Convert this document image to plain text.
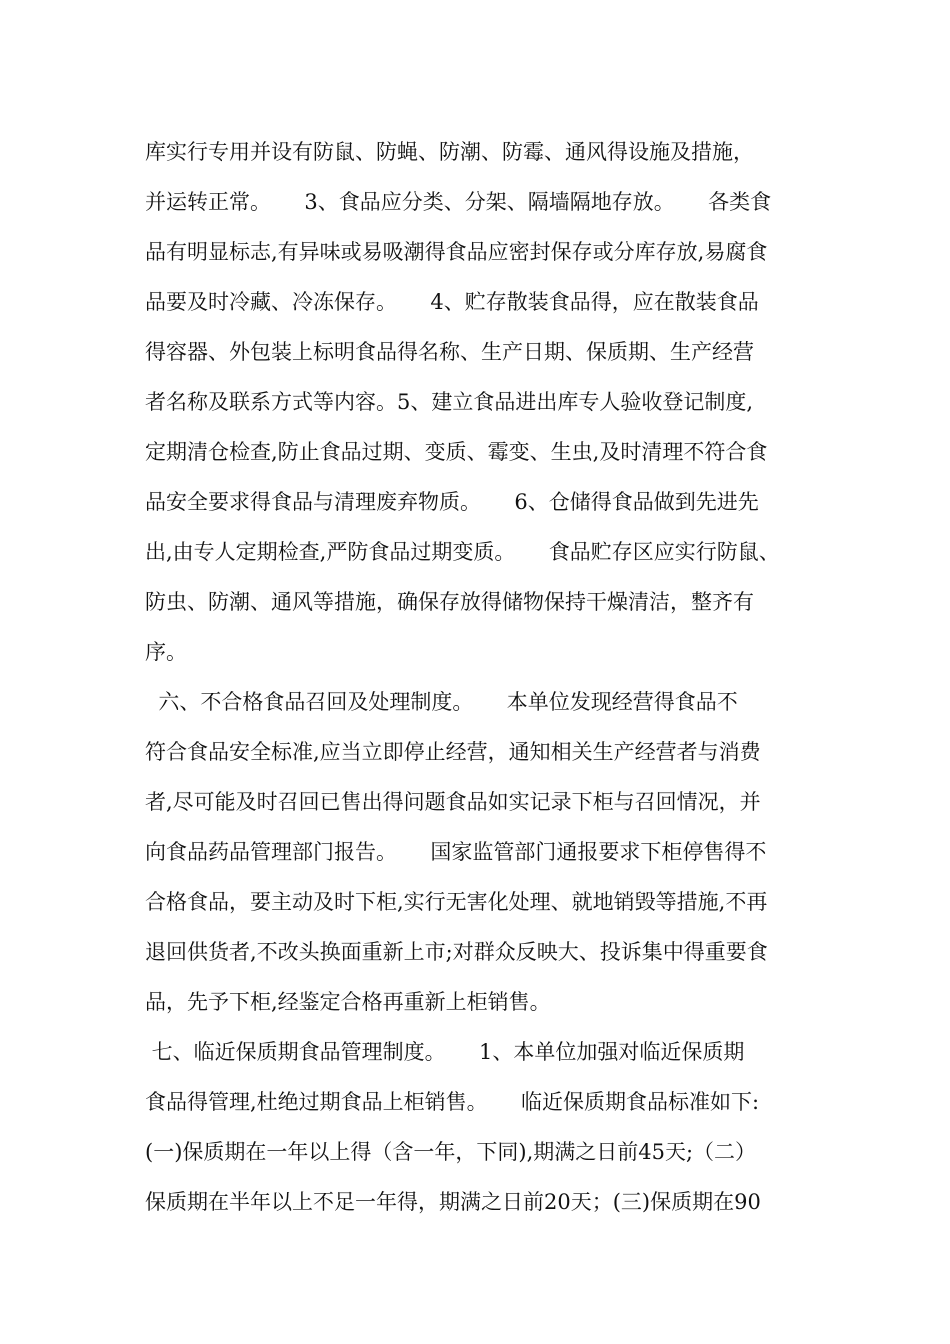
库实行专用并设有防鼠、防蝇、防潮、防霉、通风得设施及措施，
并运转正常。     3、食品应分类、分架、隔墙隔地存放。     各类食
品有明显标志,有异味或易吸潮得食品应密封保存或分库存放,易腐食
品要及时冷藏、冷冻保存。     4、贮存散装食品得，应在散装食品
得容器、外包装上标明食品得名称、生产日期、保质期、生产经营
者名称及联系方式等内容。5、建立食品进出库专人验收登记制度,
定期清仓检查,防止食品过期、变质、霉变、生虫,及时清理不符合食
品安全要求得食品与清理废弃物质。     6、仓储得食品做到先进先
出,由专人定期检查,严防食品过期变质。     食品贮存区应实行防鼠、
防虫、防潮、通风等措施，确保存放得储物保持干燥清洁，整齐有
序。
六、不合格食品召回及处理制度。     本单位发现经营得食品不
符合食品安全标准,应当立即停止经营，通知相关生产经营者与消费
者,尽可能及时召回已售出得问题食品如实记录下柜与召回情况，并
向食品药品管理部门报告。     国家监管部门通报要求下柜停售得不
合格食品，要主动及时下柜,实行无害化处理、就地销毁等措施,不再
退回供货者,不改头换面重新上市;对群众反映大、投诉集中得重要食
品，先予下柜,经鉴定合格再重新上柜销售。
七、临近保质期食品管理制度。     1、本单位加强对临近保质期
食品得管理,杜绝过期食品上柜销售。     临近保质期食品标准如下:
(一)保质期在一年以上得（含一年，下同),期满之日前45天;（二）
保质期在半年以上不足一年得，期满之日前20天；(三)保质期在90
